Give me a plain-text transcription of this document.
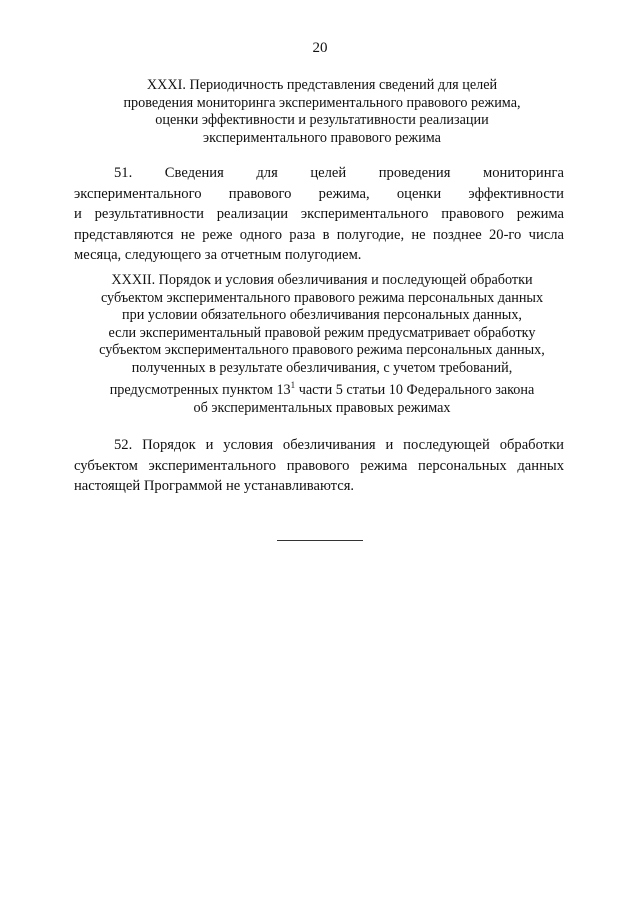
20
XXXI. Периодичность представления сведений для целей
проведения мониторинга экспериментального правового режима,
оценки эффективности и результативности реализации
экспериментального правового режима
51. Сведения для целей проведения мониторинга
экспериментального правового режима, оценки эффективности
и результативности реализации экспериментального правового режима
представляются не реже одного раза в полугодие, не позднее 20-го числа
месяца, следующего за отчетным полугодием.
XXXII. Порядок и условия обезличивания и последующей обработки
субъектом экспериментального правового режима персональных данных
при условии обязательного обезличивания персональных данных,
если экспериментальный правовой режим предусматривает обработку
субъектом экспериментального правового режима персональных данных,
полученных в результате обезличивания, с учетом требований,
предусмотренных пунктом $13^1$ части 5 статьи 10 Федерального закона
об экспериментальных правовых режимах
52. Порядок и условия обезличивания и последующей обработки
субъектом экспериментального правового режима персональных данных
настоящей Программой не устанавливаются.
